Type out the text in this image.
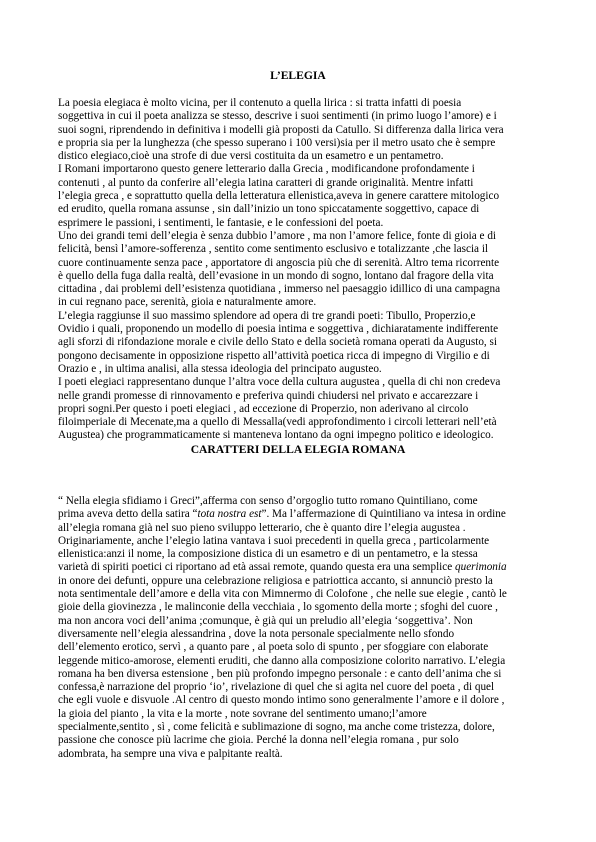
L’ELEGIA
La poesia elegiaca è molto vicina, per il contenuto a quella lirica : si tratta infatti di poesia
soggettiva in cui il poeta analizza se stesso, descrive i suoi sentimenti (in primo luogo l’amore) e i
suoi sogni, riprendendo in definitiva i modelli già proposti da Catullo. Si differenza dalla lirica vera
e propria sia per la lunghezza (che spesso superano i 100 versi)sia per il metro usato che è sempre
distico elegiaco,cioè una strofe di due versi costituita da un esametro e un pentametro.
I Romani importarono questo genere letterario dalla Grecia , modificandone profondamente i
contenuti , al punto da conferire all’elegia latina caratteri di grande originalità. Mentre infatti
l’elegia greca , e soprattutto quella della letteratura ellenistica,aveva in genere carattere mitologico
ed erudito, quella romana assunse , sin dall’inizio un tono spiccatamente soggettivo, capace di
esprimere le passioni, i sentimenti, le fantasie, e le confessioni del poeta.
Uno dei grandi temi dell’elegia è senza dubbio l’amore , ma non l’amore felice, fonte di gioia e di
felicità, bensì l’amore-sofferenza , sentito come sentimento esclusivo e totalizzante ,che lascia il
cuore continuamente senza pace , apportatore di angoscia più che di serenità. Altro tema ricorrente
è quello della fuga dalla realtà, dell’evasione in un mondo di sogno, lontano dal fragore della vita
cittadina , dai problemi dell’esistenza quotidiana , immerso nel paesaggio idillico di una campagna
in cui regnano pace, serenità, gioia e naturalmente amore.
L’elegia raggiunse il suo massimo splendore ad opera di tre grandi poeti: Tibullo, Properzio,e
Ovidio i quali, proponendo un modello di poesia intima e soggettiva , dichiaratamente indifferente
agli sforzi di rifondazione morale e civile dello Stato e della società romana operati da Augusto, si
pongono decisamente in opposizione rispetto all’attività poetica ricca di impegno di Virgilio e di
Orazio e , in ultima analisi, alla stessa ideologia del principato augusteo.
I poeti elegiaci rappresentano dunque l’altra voce della cultura augustea , quella di chi non credeva
nelle grandi promesse di rinnovamento e preferiva quindi chiudersi nel privato e accarezzare i
propri sogni.Per questo i poeti elegiaci , ad eccezione di Properzio, non aderivano al circolo
filoimperiale di Mecenate,ma a quello di Messalla(vedi approfondimento i circoli letterari nell’età
Augustea) che programmaticamente si manteneva lontano da ogni impegno politico e ideologico.
CARATTERI DELLA ELEGIA ROMANA
“ Nella elegia sfidiamo i Greci”,afferma con senso d’orgoglio tutto romano Quintiliano, come
prima aveva detto della satira “tota nostra est”. Ma l’affermazione di Quintiliano va intesa in ordine
all’elegia romana già nel suo pieno sviluppo letterario, che è quanto dire l’elegia augustea .
Originariamente, anche l’elegio latina vantava i suoi precedenti in quella greca , particolarmente
ellenistica:anzi il nome, la composizione distica di un esametro e di un pentametro, e la stessa
varietà di spiriti poetici ci riportano ad età assai remote, quando questa era una semplice querimonia
in onore dei defunti, oppure una celebrazione religiosa e patriottica accanto, si annunciò presto la
nota sentimentale dell’amore e della vita con Mimnermo di Colofone , che nelle sue elegie , cantò le
gioie della giovinezza , le malinconie della vecchiaia , lo sgomento della morte ; sfoghi del cuore ,
ma non ancora voci dell’anima ;comunque, è già qui un preludio all’elegia ‘soggettiva’. Non
diversamente nell’elegia alessandrina , dove la nota personale specialmente nello sfondo
dell’elemento erotico, servì , a quanto pare , al poeta solo di spunto , per sfoggiare con elaborate
leggende mitico-amorose, elementi eruditi, che danno alla composizione colorito narrativo. L’elegia
romana ha ben diversa estensione , ben più profondo impegno personale : e canto dell’anima che si
confessa,è narrazione del proprio ‘io’, rivelazione di quel che si agita nel cuore del poeta , di quel
che egli vuole e disvuole .Al centro di questo mondo intimo sono generalmente l’amore e il dolore ,
la gioia del pianto , la vita e la morte , note sovrane del sentimento umano;l’amore
specialmente,sentito , sì , come felicità e sublimazione di sogno, ma anche come tristezza, dolore,
passione che conosce più lacrime che gioia. Perché la donna nell’elegia romana , pur solo
adombrata, ha sempre una viva e palpitante realtà.
